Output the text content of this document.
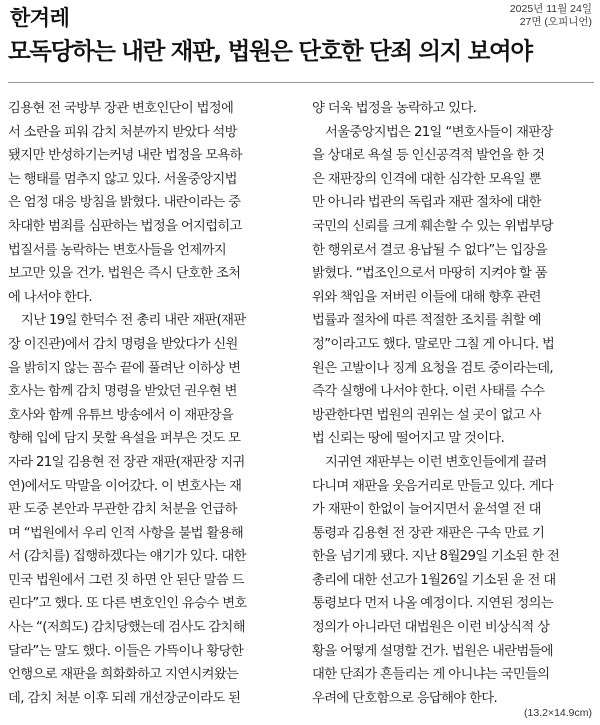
한겨레	2025년 11월 24일
27면 (오피니언)
모독당하는 내란 재판, 법원은 단호한 단죄 의지 보여야
김용현 전 국방부 장관 변호인단이 법정에
서 소란을 피워 감치 처분까지 받았다 석방
됐지만 반성하기는커녕 내란 법정을 모욕하
는 행태를 멈추지 않고 있다. 서울중앙지법
은 엄정 대응 방침을 밝혔다. 내란이라는 중
차대한 범죄를 심판하는 법정을 어지럽히고
법질서를 농락하는 변호사들을 언제까지
보고만 있을 건가. 법원은 즉시 단호한 조처
에 나서야 한다.
지난 19일 한덕수 전 총리 내란 재판(재판
장 이진관)에서 감치 명령을 받았다가 신원
을 밝히지 않는 꼼수 끝에 풀려난 이하상 변
호사는 함께 감치 명령을 받았던 권우현 변
호사와 함께 유튜브 방송에서 이 재판장을
향해 입에 담지 못할 욕설을 퍼부은 것도 모
자라 21일 김용현 전 장관 재판(재판장 지귀
연)에서도 막말을 이어갔다. 이 변호사는 재
판 도중 본안과 무관한 감치 처분을 언급하
며 “법원에서 우리 인적 사항을 불법 활용해
서 (감치를) 집행하겠다는 얘기가 있다. 대한
민국 법원에서 그런 짓 하면 안 된단 말씀 드
린다”고 했다. 또 다른 변호인인 유승수 변호
사는 “(저희도) 감치당했는데 검사도 감치해
달라”는 말도 했다. 이들은 가뜩이나 황당한
언행으로 재판을 희화화하고 지연시켜왔는
데, 감치 처분 이후 되레 개선장군이라도 된
양 더욱 법정을 농락하고 있다.
서울중앙지법은 21일 “변호사들이 재판장
을 상대로 욕설 등 인신공격적 발언을 한 것
은 재판장의 인격에 대한 심각한 모욕일 뿐
만 아니라 법관의 독립과 재판 절차에 대한
국민의 신뢰를 크게 훼손할 수 있는 위법부당
한 행위로서 결코 용납될 수 없다”는 입장을
밝혔다. “법조인으로서 마땅히 지켜야 할 품
위와 책임을 저버린 이들에 대해 향후 관련
법률과 절차에 따른 적절한 조치를 취할 예
정”이라고도 했다. 말로만 그칠 게 아니다. 법
원은 고발이나 징계 요청을 검토 중이라는데,
즉각 실행에 나서야 한다. 이런 사태를 수수
방관한다면 법원의 권위는 설 곳이 없고 사
법 신뢰는 땅에 떨어지고 말 것이다.
지귀연 재판부는 이런 변호인들에게 끌려
다니며 재판을 웃음거리로 만들고 있다. 게다
가 재판이 한없이 늘어지면서 윤석열 전 대
통령과 김용현 전 장관 재판은 구속 만료 기
한을 넘기게 됐다. 지난 8월29일 기소된 한 전
총리에 대한 선고가 1월26일 기소된 윤 전 대
통령보다 먼저 나올 예정이다. 지연된 정의는
정의가 아니라던 대법원은 이런 비상식적 상
황을 어떻게 설명할 건가. 법원은 내란범들에
대한 단죄가 흔들리는 게 아니냐는 국민들의
우려에 단호함으로 응답해야 한다.
(13.2×14.9cm)
